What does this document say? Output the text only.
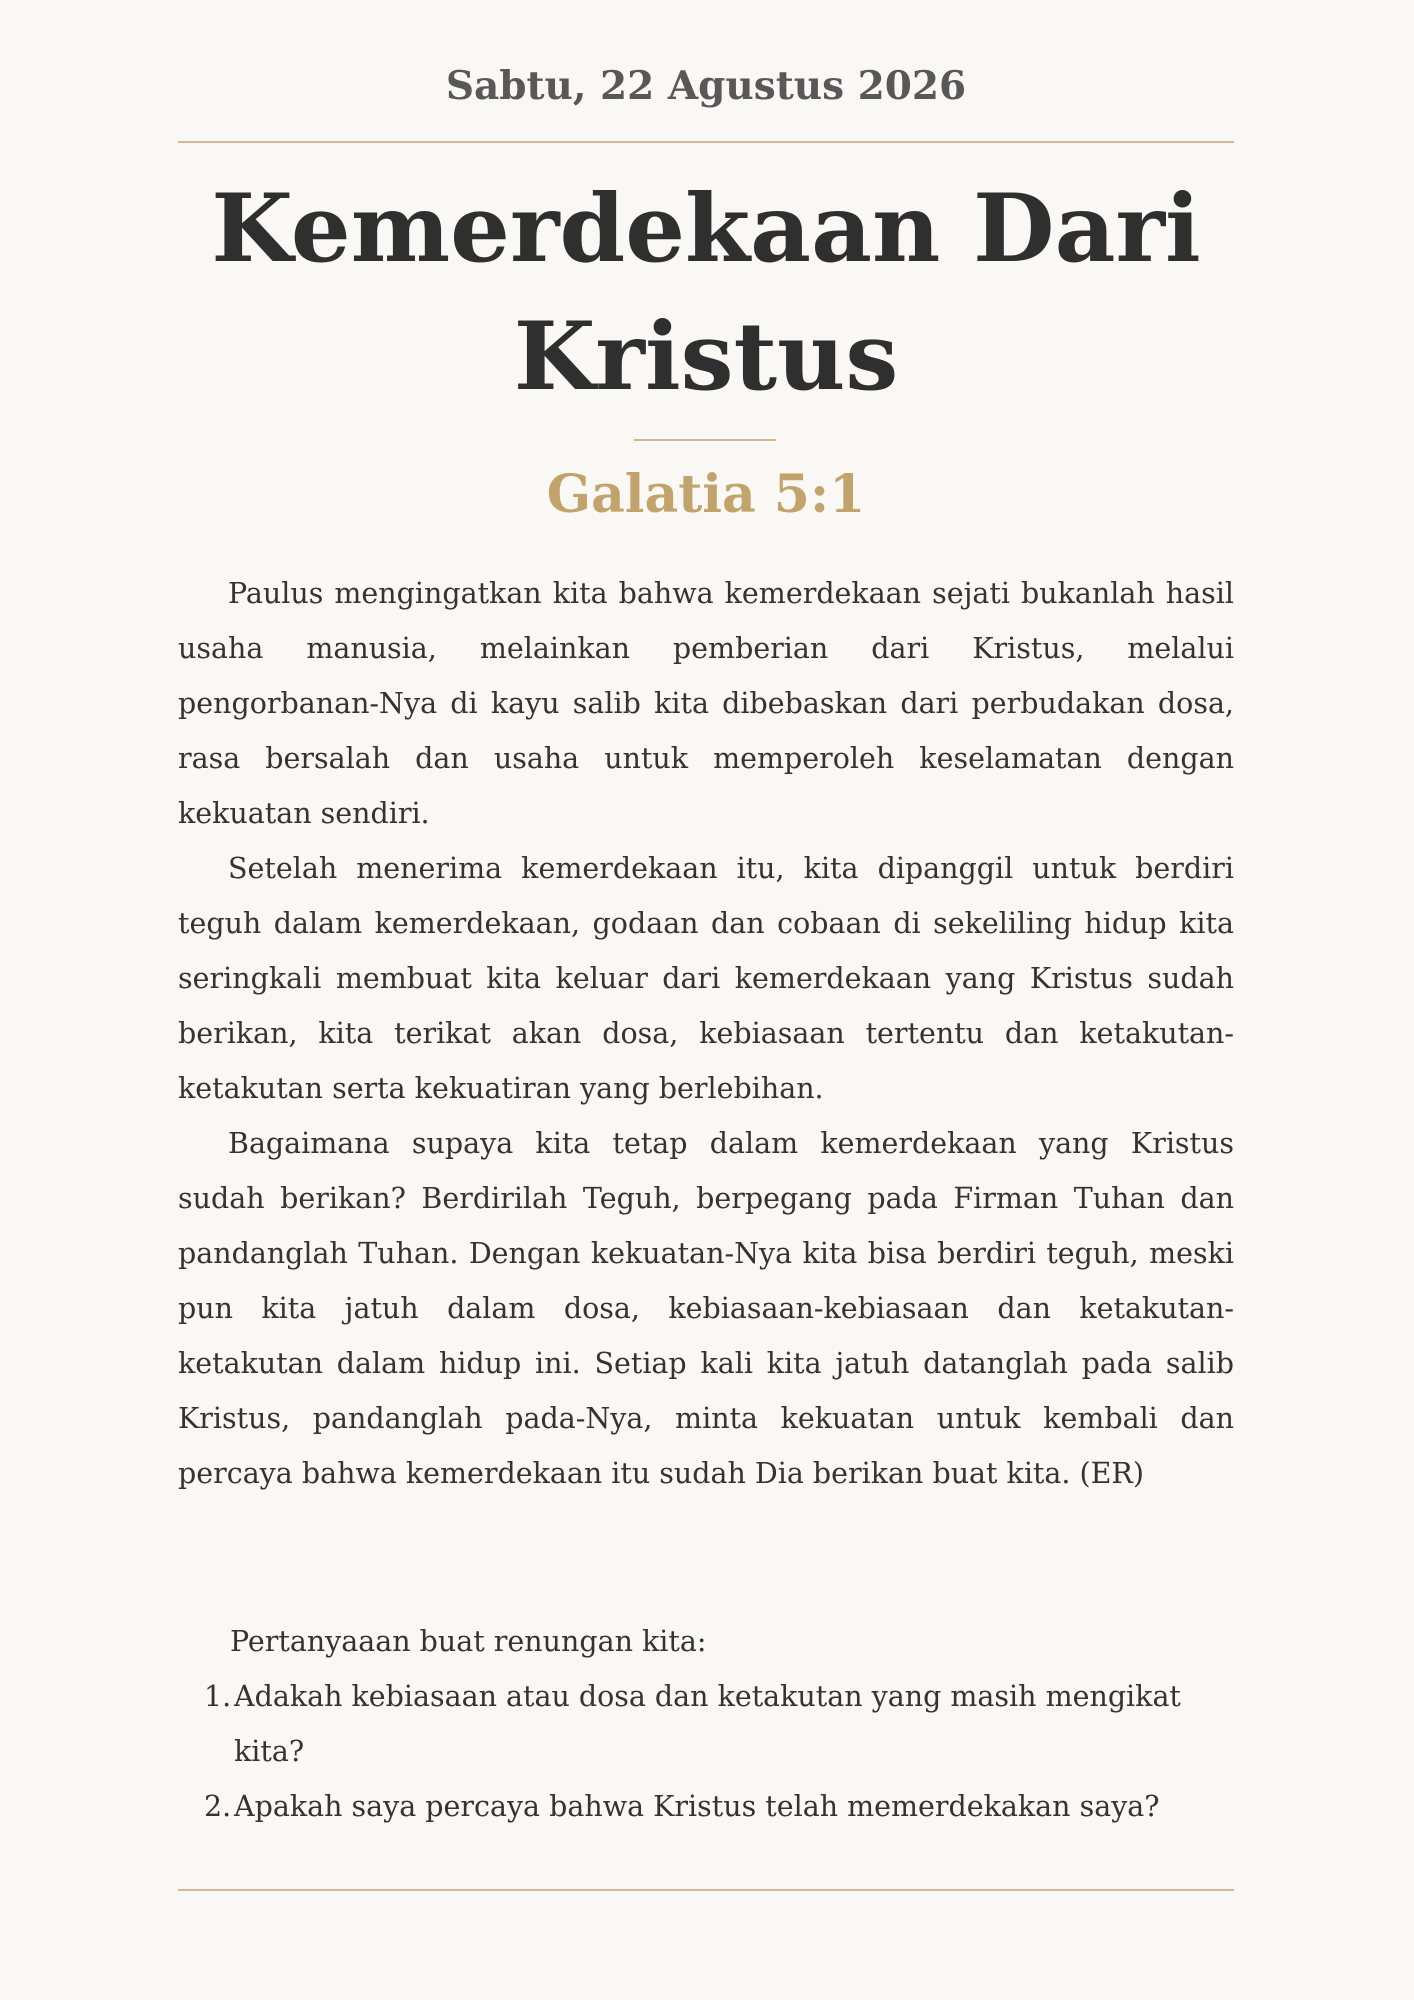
Sabtu, 22 Agustus 2026
Kemerdekaan Dari Kristus
Galatia 5:1

Paulus mengingatkan kita bahwa kemerdekaan sejati bukanlah hasil usaha manusia, melainkan pemberian dari Kristus, melalui pengorbanan-Nya di kayu salib kita dibebaskan dari perbudakan dosa, rasa bersalah dan usaha untuk memperoleh keselamatan dengan kekuatan sendiri.

Setelah menerima kemerdekaan itu, kita dipanggil untuk berdiri teguh dalam kemerdekaan, godaan dan cobaan di sekeliling hidup kita seringkali membuat kita keluar dari kemerdekaan yang Kristus sudah berikan, kita terikat akan dosa, kebiasaan tertentu dan ketakutan-ketakutan serta kekuatiran yang berlebihan.

Bagaimana supaya kita tetap dalam kemerdekaan yang Kristus sudah berikan? Berdirilah Teguh, berpegang pada Firman Tuhan dan pandanglah Tuhan. Dengan kekuatan-Nya kita bisa berdiri teguh, meski pun kita jatuh dalam dosa, kebiasaan-kebiasaan dan ketakutan-ketakutan dalam hidup ini. Setiap kali kita jatuh datanglah pada salib Kristus, pandanglah pada-Nya, minta kekuatan untuk kembali dan percaya bahwa kemerdekaan itu sudah Dia berikan buat kita. (ER)

Pertanyaaan buat renungan kita:

1. Adakah kebiasaan atau dosa dan ketakutan yang masih mengikat kita?
2. Apakah saya percaya bahwa Kristus telah memerdekakan saya?
